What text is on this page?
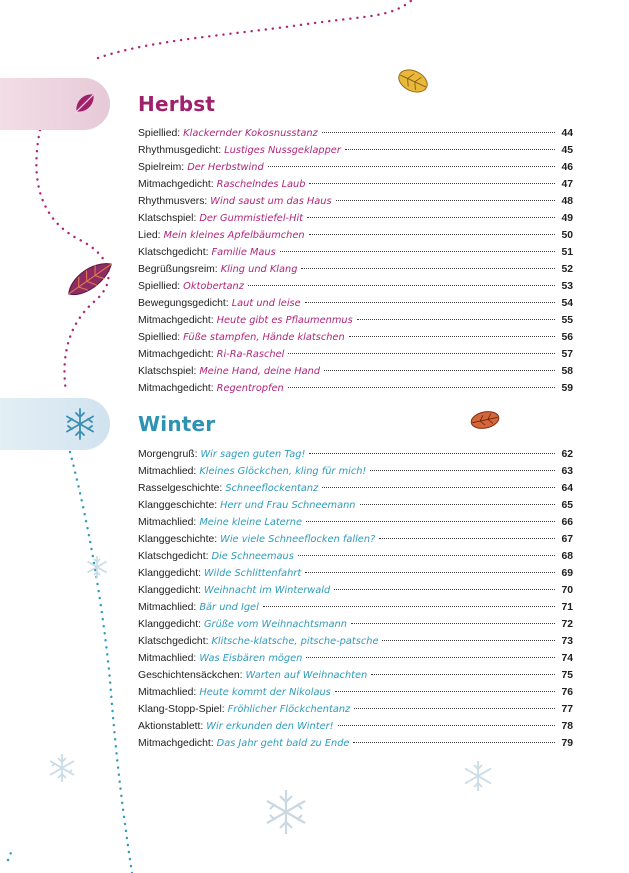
Herbst
Winter
Spiellied: Klackernder Kokosnusstanz	44
Rhythmusgedicht: Lustiges Nussgeklapper	45
Spielreim: Der Herbstwind	46
Mitmachgedicht: Raschelndes Laub	47
Rhythmusvers: Wind saust um das Haus	48
Klatschspiel: Der Gummistiefel-Hit	49
Lied: Mein kleines Apfelbäumchen	50
Klatschgedicht: Familie Maus	51
Begrüßungsreim: Kling und Klang	52
Spiellied: Oktobertanz	53
Bewegungsgedicht: Laut und leise	54
Mitmachgedicht: Heute gibt es Pflaumenmus	55
Spiellied: Füße stampfen, Hände klatschen	56
Mitmachgedicht: Ri-Ra-Raschel	57
Klatschspiel: Meine Hand, deine Hand	58
Mitmachgedicht: Regentropfen	59
Morgengruß: Wir sagen guten Tag!	62
Mitmachlied: Kleines Glöckchen, kling für mich!	63
Rasselgeschichte: Schneeflockentanz	64
Klanggeschichte: Herr und Frau Schneemann	65
Mitmachlied: Meine kleine Laterne	66
Klanggeschichte: Wie viele Schneeflocken fallen?	67
Klatschgedicht: Die Schneemaus	68
Klanggedicht: Wilde Schlittenfahrt	69
Klanggedicht: Weihnacht im Winterwald	70
Mitmachlied: Bär und Igel	71
Klanggedicht: Grüße vom Weihnachtsmann	72
Klatschgedicht: Klitsche-klatsche, pitsche-patsche	73
Mitmachlied: Was Eisbären mögen	74
Geschichtensäckchen: Warten auf Weihnachten	75
Mitmachlied: Heute kommt der Nikolaus	76
Klang-Stopp-Spiel: Fröhlicher Flöckchentanz	77
Aktionstablett: Wir erkunden den Winter!	78
Mitmachgedicht: Das Jahr geht bald zu Ende	79
